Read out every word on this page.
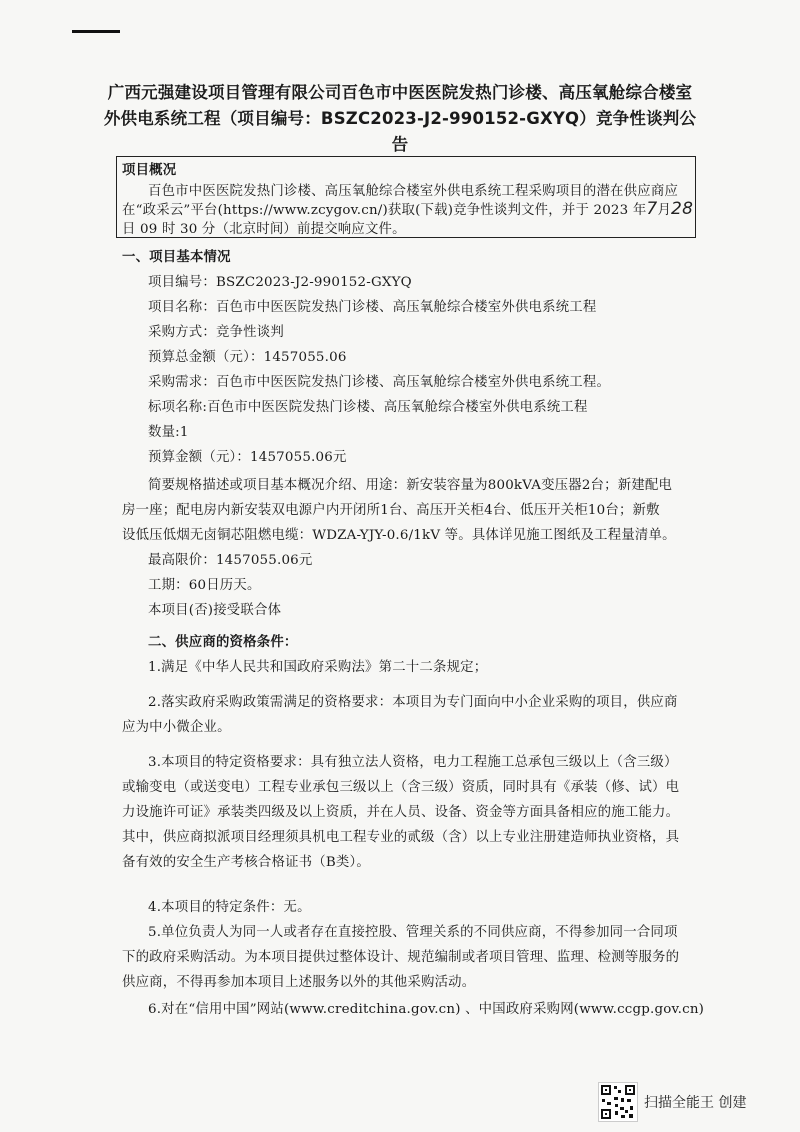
广西元强建设项目管理有限公司百色市中医医院发热门诊楼、高压氧舱综合楼室
外供电系统工程（项目编号：BSZC2023-J2-990152-GXYQ）竞争性谈判公告
项目概况
百色市中医医院发热门诊楼、高压氧舱综合楼室外供电系统工程采购项目的潜在供应商应
在“政采云”平台(https://www.zcygov.cn/)获取(下载)竞争性谈判文件，并于 2023 年7月28
日 09 时 30 分（北京时间）前提交响应文件。
一、项目基本情况
项目编号：BSZC2023-J2-990152-GXYQ
项目名称：百色市中医医院发热门诊楼、高压氧舱综合楼室外供电系统工程
采购方式：竞争性谈判
预算总金额（元）：1457055.06
采购需求：百色市中医医院发热门诊楼、高压氧舱综合楼室外供电系统工程。
标项名称:百色市中医医院发热门诊楼、高压氧舱综合楼室外供电系统工程
数量:1
预算金额（元）：1457055.06元
简要规格描述或项目基本概况介绍、用途：新安装容量为800kVA变压器2台；新建配电
房一座；配电房内新安装双电源户内开闭所1台、高压开关柜4台、低压开关柜10台；新敷
设低压低烟无卤铜芯阻燃电缆：WDZA-YJY-0.6/1kV 等。具体详见施工图纸及工程量清单。
最高限价：1457055.06元
工期：60日历天。
本项目(否)接受联合体
二、供应商的资格条件：
1.满足《中华人民共和国政府采购法》第二十二条规定；
2.落实政府采购政策需满足的资格要求：本项目为专门面向中小企业采购的项目，供应商
应为中小微企业。
3.本项目的特定资格要求：具有独立法人资格，电力工程施工总承包三级以上（含三级）
或输变电（或送变电）工程专业承包三级以上（含三级）资质，同时具有《承装（修、试）电
力设施许可证》承装类四级及以上资质，并在人员、设备、资金等方面具备相应的施工能力。
其中，供应商拟派项目经理须具机电工程专业的贰级（含）以上专业注册建造师执业资格，具
备有效的安全生产考核合格证书（B类）。
4.本项目的特定条件：无。
5.单位负责人为同一人或者存在直接控股、管理关系的不同供应商，不得参加同一合同项
下的政府采购活动。为本项目提供过整体设计、规范编制或者项目管理、监理、检测等服务的
供应商，不得再参加本项目上述服务以外的其他采购活动。
6.对在“信用中国”网站(www.creditchina.gov.cn) 、中国政府采购网(www.ccgp.gov.cn)
扫描全能王 创建
